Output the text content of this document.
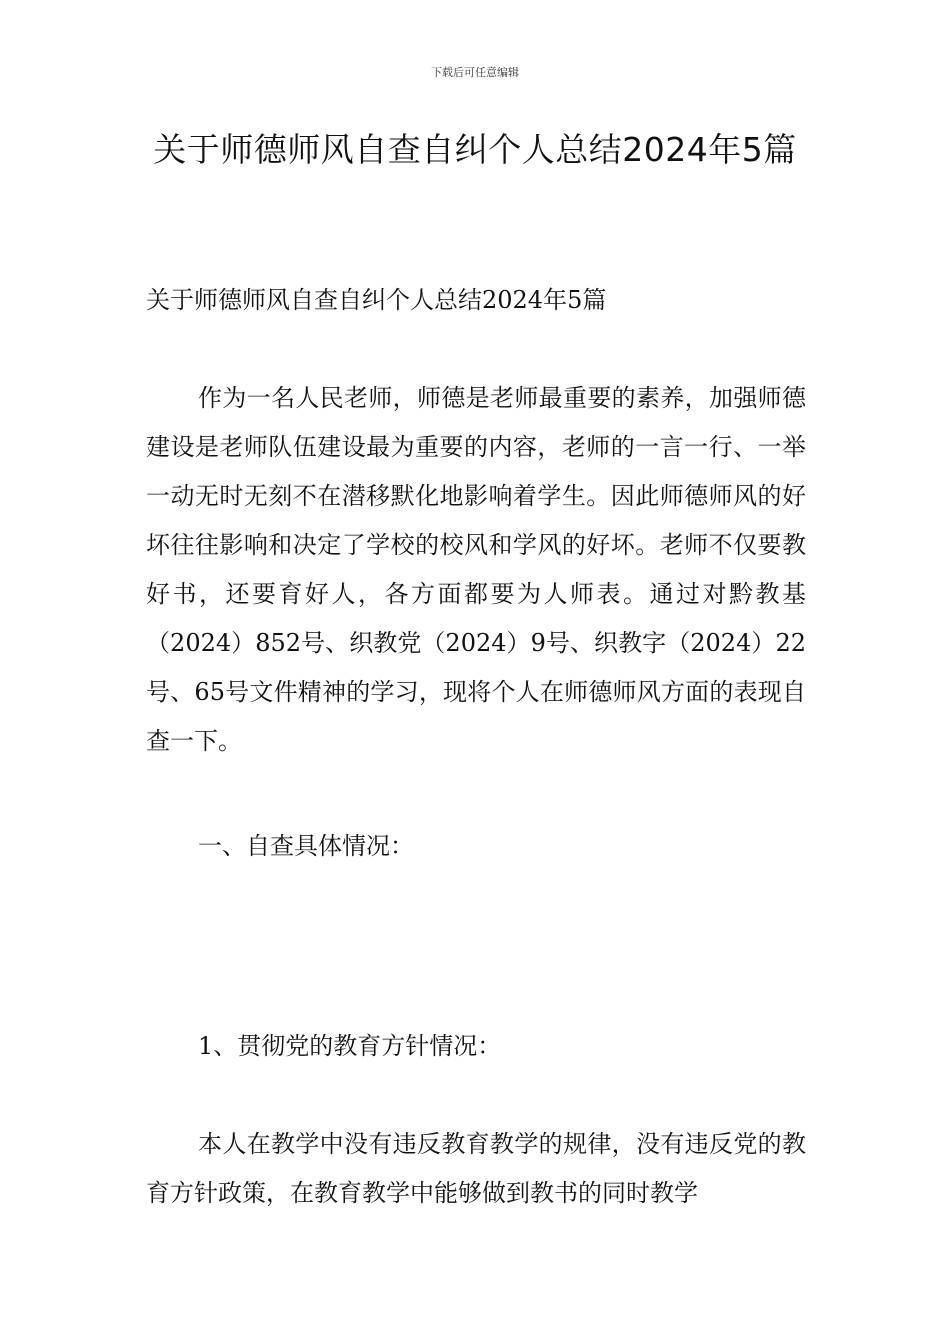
下载后可任意编辑
关于师德师风自查自纠个人总结2024年5篇

关于师德师风自查自纠个人总结2024年5篇

作为一名人民老师，师德是老师最重要的素养，加强师德建设是老师队伍建设最为重要的内容，老师的一言一行、一举一动无时无刻不在潜移默化地影响着学生。因此师德师风的好坏往往影响和决定了学校的校风和学风的好坏。老师不仅要教好书，还要育好人，各方面都要为人师表。通过对黔教基（2024）852号、织教党（2024）9号、织教字（2024）22号、65号文件精神的学习，现将个人在师德师风方面的表现自查一下。

一、自查具体情况：

1、贯彻党的教育方针情况：

本人在教学中没有违反教育教学的规律，没有违反党的教育方针政策，在教育教学中能够做到教书的同时教学
